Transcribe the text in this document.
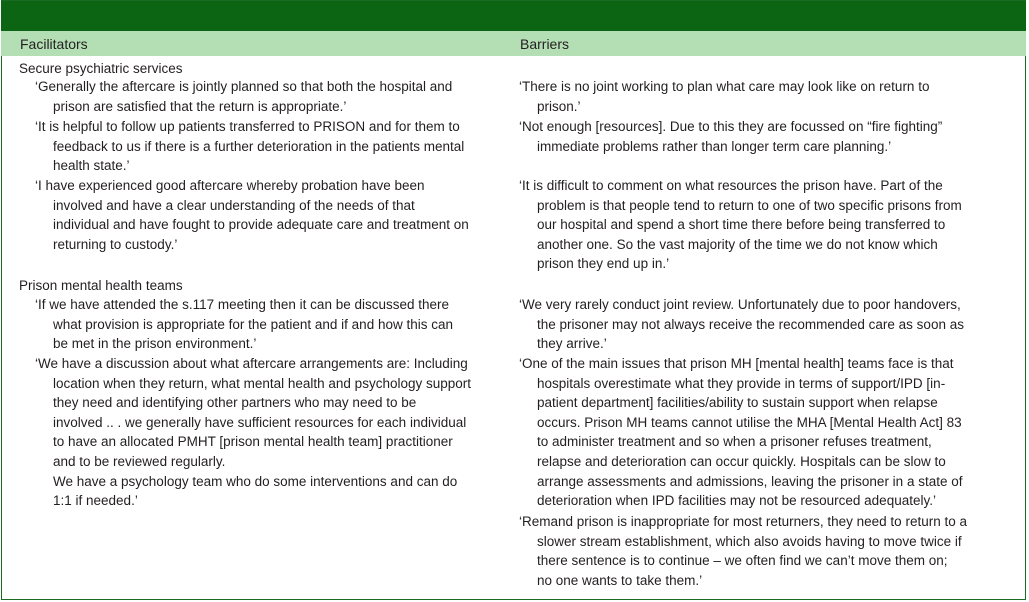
Facilitators	Barriers
Secure psychiatric services
‘Generally the aftercare is jointly planned so that both the hospital and
prison are satisfied that the return is appropriate.’
‘It is helpful to follow up patients transferred to PRISON and for them to
feedback to us if there is a further deterioration in the patients mental
health state.’
‘I have experienced good aftercare whereby probation have been
involved and have a clear understanding of the needs of that
individual and have fought to provide adequate care and treatment on
returning to custody.’
‘There is no joint working to plan what care may look like on return to
prison.’
‘Not enough [resources]. Due to this they are focussed on “fire fighting”
immediate problems rather than longer term care planning.’
‘It is difficult to comment on what resources the prison have. Part of the
problem is that people tend to return to one of two specific prisons from
our hospital and spend a short time there before being transferred to
another one. So the vast majority of the time we do not know which
prison they end up in.’
Prison mental health teams
‘If we have attended the s.117 meeting then it can be discussed there
what provision is appropriate for the patient and if and how this can
be met in the prison environment.’
‘We have a discussion about what aftercare arrangements are: Including
location when they return, what mental health and psychology support
they need and identifying other partners who may need to be
involved .. . we generally have sufficient resources for each individual
to have an allocated PMHT [prison mental health team] practitioner
and to be reviewed regularly.
We have a psychology team who do some interventions and can do
1:1 if needed.’
‘We very rarely conduct joint review. Unfortunately due to poor handovers,
the prisoner may not always receive the recommended care as soon as
they arrive.’
‘One of the main issues that prison MH [mental health] teams face is that
hospitals overestimate what they provide in terms of support/IPD [in-
patient department] facilities/ability to sustain support when relapse
occurs. Prison MH teams cannot utilise the MHA [Mental Health Act] 83
to administer treatment and so when a prisoner refuses treatment,
relapse and deterioration can occur quickly. Hospitals can be slow to
arrange assessments and admissions, leaving the prisoner in a state of
deterioration when IPD facilities may not be resourced adequately.’
‘Remand prison is inappropriate for most returners, they need to return to a
slower stream establishment, which also avoids having to move twice if
there sentence is to continue – we often find we can’t move them on;
no one wants to take them.’
